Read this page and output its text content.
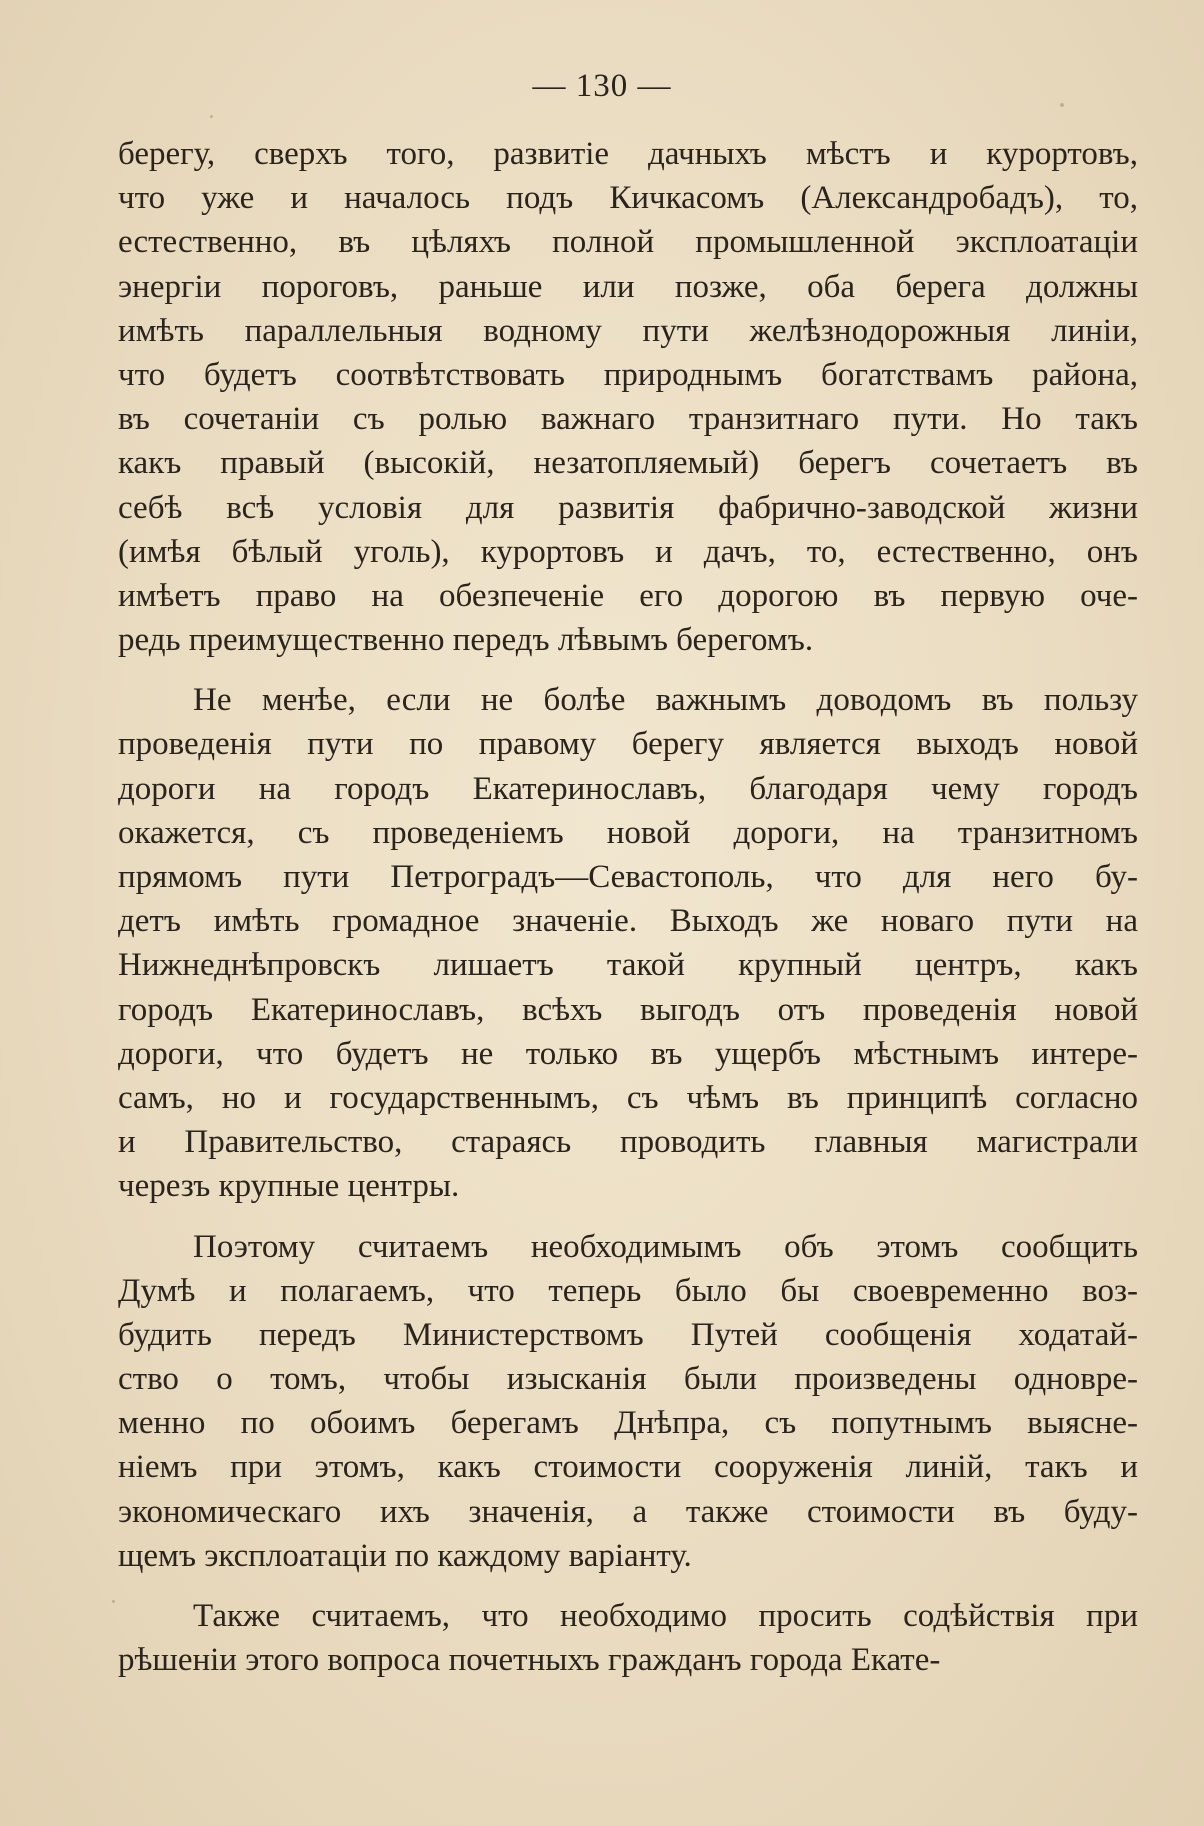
— 130 —
берегу, сверхъ того, развитіе дачныхъ мѣстъ и курортовъ,
что уже и началось подъ Кичкасомъ (Александробадъ), то,
естественно, въ цѣляхъ полной промышленной эксплоатаціи
энергіи пороговъ, раньше или позже, оба берега должны
имѣть параллельныя водному пути желѣзнодорожныя линіи,
что будетъ соотвѣтствовать природнымъ богатствамъ района,
въ сочетаніи съ ролью важнаго транзитнаго пути. Но такъ
какъ правый (высокій, незатопляемый) берегъ сочетаетъ въ
себѣ всѣ условія для развитія фабрично-заводской жизни
(имѣя бѣлый уголь), курортовъ и дачъ, то, естественно, онъ
имѣетъ право на обезпеченіе его дорогою въ первую оче-
редь преимущественно передъ лѣвымъ берегомъ.
Не менѣе, если не болѣе важнымъ доводомъ въ пользу
проведенія пути по правому берегу является выходъ новой
дороги на городъ Екатеринославъ, благодаря чему городъ
окажется, съ проведеніемъ новой дороги, на транзитномъ
прямомъ пути Петроградъ—Севастополь, что для него бу-
детъ имѣть громадное значеніе. Выходъ же новаго пути на
Нижнеднѣпровскъ лишаетъ такой крупный центръ, какъ
городъ Екатеринославъ, всѣхъ выгодъ отъ проведенія новой
дороги, что будетъ не только въ ущербъ мѣстнымъ интере-
самъ, но и государственнымъ, съ чѣмъ въ принципѣ согласно
и Правительство, стараясь проводить главныя магистрали
черезъ крупные центры.
Поэтому считаемъ необходимымъ объ этомъ сообщить
Думѣ и полагаемъ, что теперь было бы своевременно воз-
будить передъ Министерствомъ Путей сообщенія ходатай-
ство о томъ, чтобы изысканія были произведены одновре-
менно по обоимъ берегамъ Днѣпра, съ попутнымъ выясне-
ніемъ при этомъ, какъ стоимости сооруженія линій, такъ и
экономическаго ихъ значенія, а также стоимости въ буду-
щемъ эксплоатаціи по каждому варіанту.
Также считаемъ, что необходимо просить содѣйствія при
рѣшеніи этого вопроса почетныхъ гражданъ города Екате-
